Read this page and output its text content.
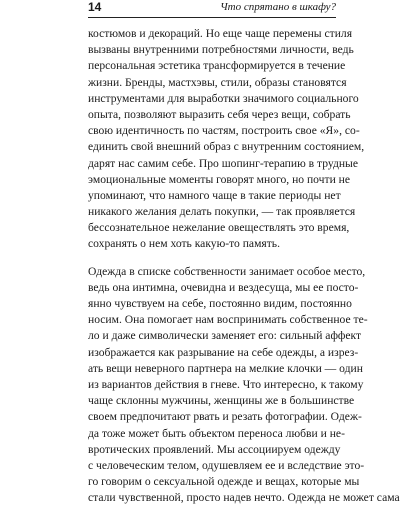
14	Что спрятано в шкафу?

костюмов и декораций. Но еще чаще перемены стиля
вызваны внутренними потребностями личности, ведь
персональная эстетика трансформируется в течение
жизни. Бренды, мастхэвы, стили, образы становятся
инструментами для выработки значимого социального
опыта, позволяют выразить себя через вещи, собрать
свою идентичность по частям, построить свое «Я», со-
единить свой внешний образ с внутренним состоянием,
дарят нас самим себе. Про шопинг-терапию в трудные
эмоциональные моменты говорят много, но почти не
упоминают, что намного чаще в такие периоды нет
никакого желания делать покупки, — так проявляется
бессознательное нежелание овеществлять это время,
сохранять о нем хоть какую-то память.

Одежда в списке собственности занимает особое место,
ведь она интимна, очевидна и вездесуща, мы ее посто-
янно чувствуем на себе, постоянно видим, постоянно
носим. Она помогает нам воспринимать собственное те-
ло и даже символически заменяет его: сильный аффект
изображается как разрывание на себе одежды, а изрез-
ать вещи неверного партнера на мелкие клочки — один
из вариантов действия в гневе. Что интересно, к такому
чаще склонны мужчины, женщины же в большинстве
своем предпочитают рвать и резать фотографии. Одеж-
да тоже может быть объектом переноса любви и не-
вротических проявлений. Мы ассоциируем одежду
с человеческим телом, одушевляем ее и вследствие это-
го говорим о сексуальной одежде и вещах, которые мы
стали чувственной, просто надев нечто. Одежда не может сама
